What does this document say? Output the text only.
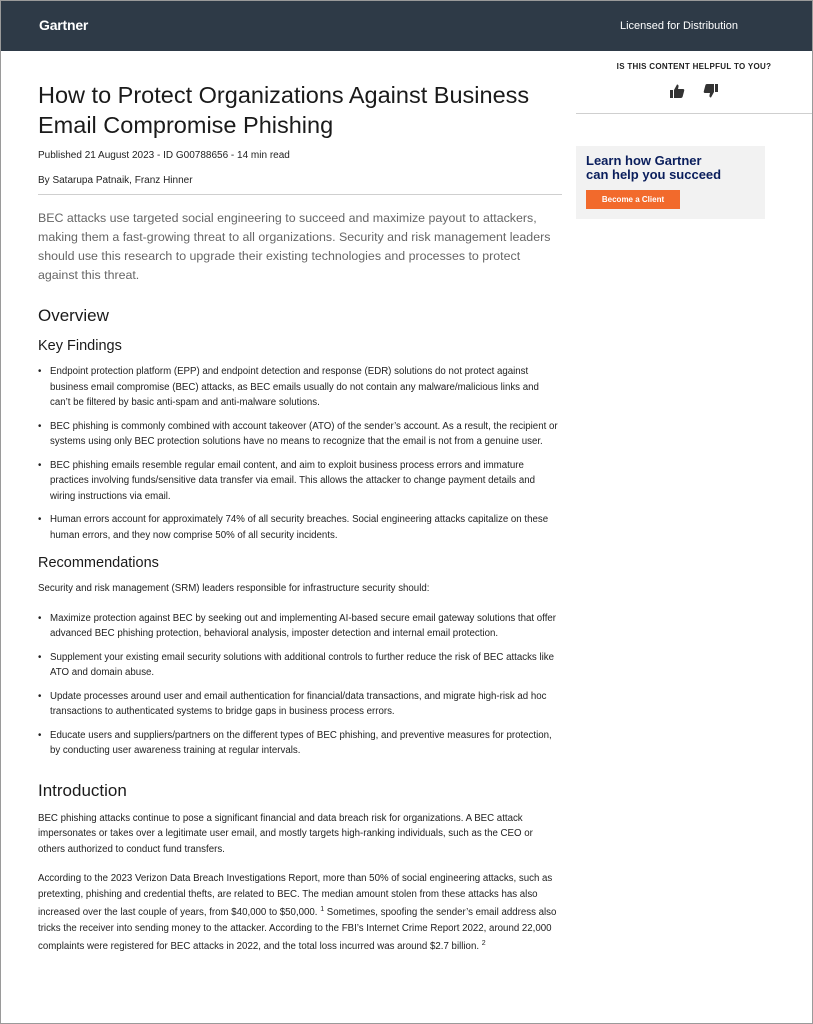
Gartner	Licensed for Distribution
How to Protect Organizations Against Business Email Compromise Phishing
Published 21 August 2023 - ID G00788656 - 14 min read
By Satarupa Patnaik, Franz Hinner
BEC attacks use targeted social engineering to succeed and maximize payout to attackers, making them a fast-growing threat to all organizations. Security and risk management leaders should use this research to upgrade their existing technologies and processes to protect against this threat.
Overview
Key Findings
• Endpoint protection platform (EPP) and endpoint detection and response (EDR) solutions do not protect against business email compromise (BEC) attacks, as BEC emails usually do not contain any malware/malicious links and can’t be filtered by basic anti-spam and anti-malware solutions.
• BEC phishing is commonly combined with account takeover (ATO) of the sender’s account. As a result, the recipient or systems using only BEC protection solutions have no means to recognize that the email is not from a genuine user.
• BEC phishing emails resemble regular email content, and aim to exploit business process errors and immature practices involving funds/sensitive data transfer via email. This allows the attacker to change payment details and wiring instructions via email.
• Human errors account for approximately 74% of all security breaches. Social engineering attacks capitalize on these human errors, and they now comprise 50% of all security incidents.
Recommendations

Security and risk management (SRM) leaders responsible for infrastructure security should:

• Maximize protection against BEC by seeking out and implementing AI-based secure email gateway solutions that offer advanced BEC phishing protection, behavioral analysis, imposter detection and internal email protection.
• Supplement your existing email security solutions with additional controls to further reduce the risk of BEC attacks like ATO and domain abuse.
• Update processes around user and email authentication for financial/data transactions, and migrate high-risk ad hoc transactions to authenticated systems to bridge gaps in business process errors.
• Educate users and suppliers/partners on the different types of BEC phishing, and preventive measures for protection, by conducting user awareness training at regular intervals.
Introduction

BEC phishing attacks continue to pose a significant financial and data breach risk for organizations. A BEC attack impersonates or takes over a legitimate user email, and mostly targets high-ranking individuals, such as the CEO or others authorized to conduct fund transfers.

According to the 2023 Verizon Data Breach Investigations Report, more than 50% of social engineering attacks, such as pretexting, phishing and credential thefts, are related to BEC. The median amount stolen from these attacks has also increased over the last couple of years, from $40,000 to $50,000. $^1$ Sometimes, spoofing the sender’s email address also tricks the receiver into sending money to the attacker. According to the FBI’s Internet Crime Report 2022, around 22,000 complaints were registered for BEC attacks in 2022, and the total loss incurred was around $2.7 billion. $^2$

IS THIS CONTENT HELPFUL TO YOU?
Learn how Gartner
can help you succeed
Become a Client
